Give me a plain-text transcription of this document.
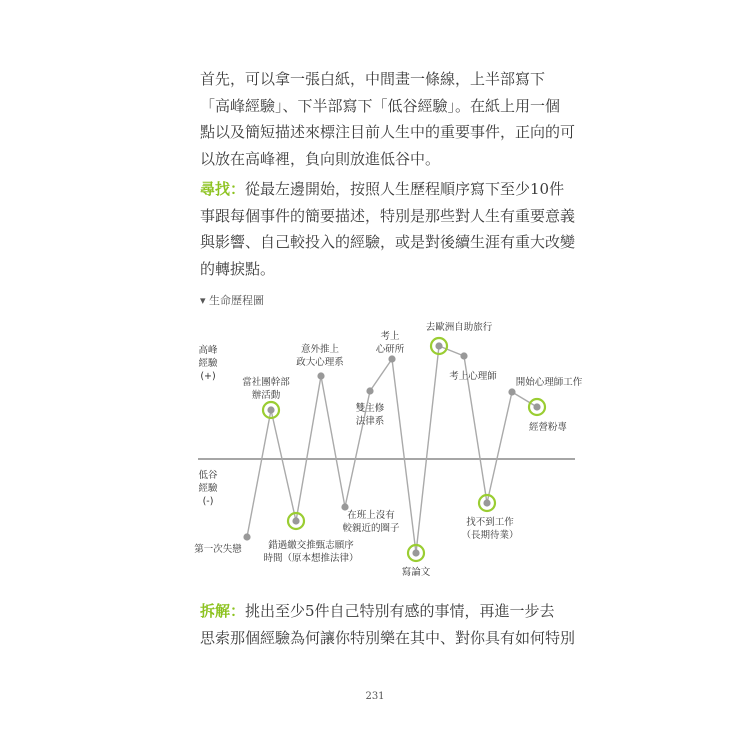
首先，可以拿一張白紙，中間畫一條線，上半部寫下
「高峰經驗」、下半部寫下「低谷經驗」。在紙上用一個
點以及簡短描述來標注目前人生中的重要事件，正向的可
以放在高峰裡，負向則放進低谷中。
尋找：從最左邊開始，按照人生歷程順序寫下至少10件
事跟每個事件的簡要描述，特別是那些對人生有重要意義
與影響、自己較投入的經驗，或是對後續生涯有重大改變
的轉捩點。
▾ 生命歷程圖
高峰
經驗
(+)
低谷
經驗
(-)
第一次失戀
當社團幹部
辦活動
錯過繳交推甄志願序
時間（原本想推法律）
意外推上
政大心理系
在班上沒有
較親近的圈子
雙主修
法律系
考上
心研所
寫論文
去歐洲自助旅行
考上心理師
找不到工作
（長期待業）
開始心理師工作
經營粉專
拆解：挑出至少5件自己特別有感的事情，再進一步去
思索那個經驗為何讓你特別樂在其中、對你具有如何特別
231
